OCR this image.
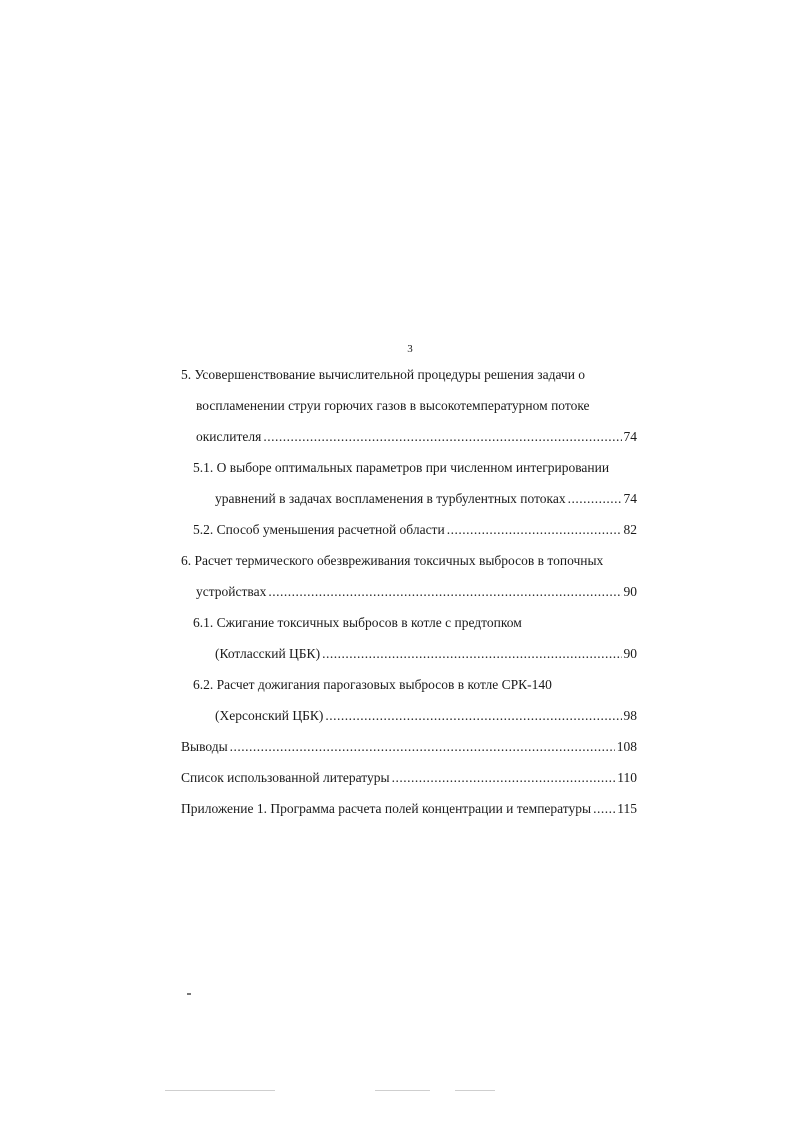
3
5. Усовершенствование вычислительной процедуры решения задачи о
воспламенении струи горючих газов в высокотемпературном потоке
окислителя .....	74
5.1. О выборе оптимальных параметров при численном интегрировании
уравнений в задачах воспламенения в турбулентных потоках .....	74
5.2. Способ уменьшения расчетной области .....	82
6. Расчет термического обезвреживания токсичных выбросов в топочных
устройствах .....	90
6.1. Сжигание токсичных выбросов в котле с предтопком
(Котласский ЦБК) .....	90
6.2. Расчет дожигания парогазовых выбросов в котле СРК-140
(Херсонский ЦБК) .....	98
Выводы .....	108
Список использованной литературы .....	110
Приложение 1. Программа расчета полей концентрации и температуры ..... 115
